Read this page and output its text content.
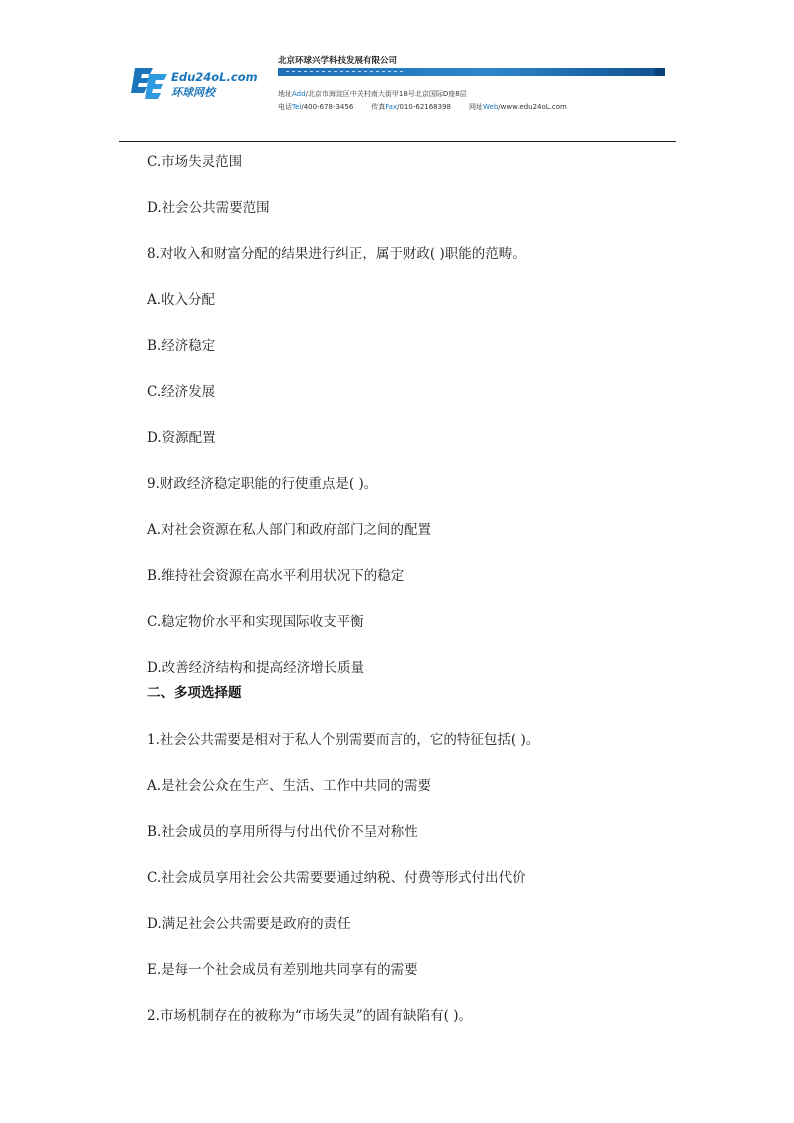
Edu24oL.com
环球网校
北京环球兴学科技发展有限公司
地址Add/北京市海淀区中关村南大街甲18号北京国际D座8层
电话Tel/400-678-3456	传真Fax/010-62168398	网址Web/www.edu24oL.com
C.市场失灵范围
D.社会公共需要范围
8.对收入和财富分配的结果进行纠正，属于财政( )职能的范畴。
A.收入分配
B.经济稳定
C.经济发展
D.资源配置
9.财政经济稳定职能的行使重点是( )。
A.对社会资源在私人部门和政府部门之间的配置
B.维持社会资源在高水平利用状况下的稳定
C.稳定物价水平和实现国际收支平衡
D.改善经济结构和提高经济增长质量
二、多项选择题
1.社会公共需要是相对于私人个别需要而言的，它的特征包括( )。
A.是社会公众在生产、生活、工作中共同的需要
B.社会成员的享用所得与付出代价不呈对称性
C.社会成员享用社会公共需要要通过纳税、付费等形式付出代价
D.满足社会公共需要是政府的责任
E.是每一个社会成员有差别地共同享有的需要
2.市场机制存在的被称为“市场失灵”的固有缺陷有( )。
